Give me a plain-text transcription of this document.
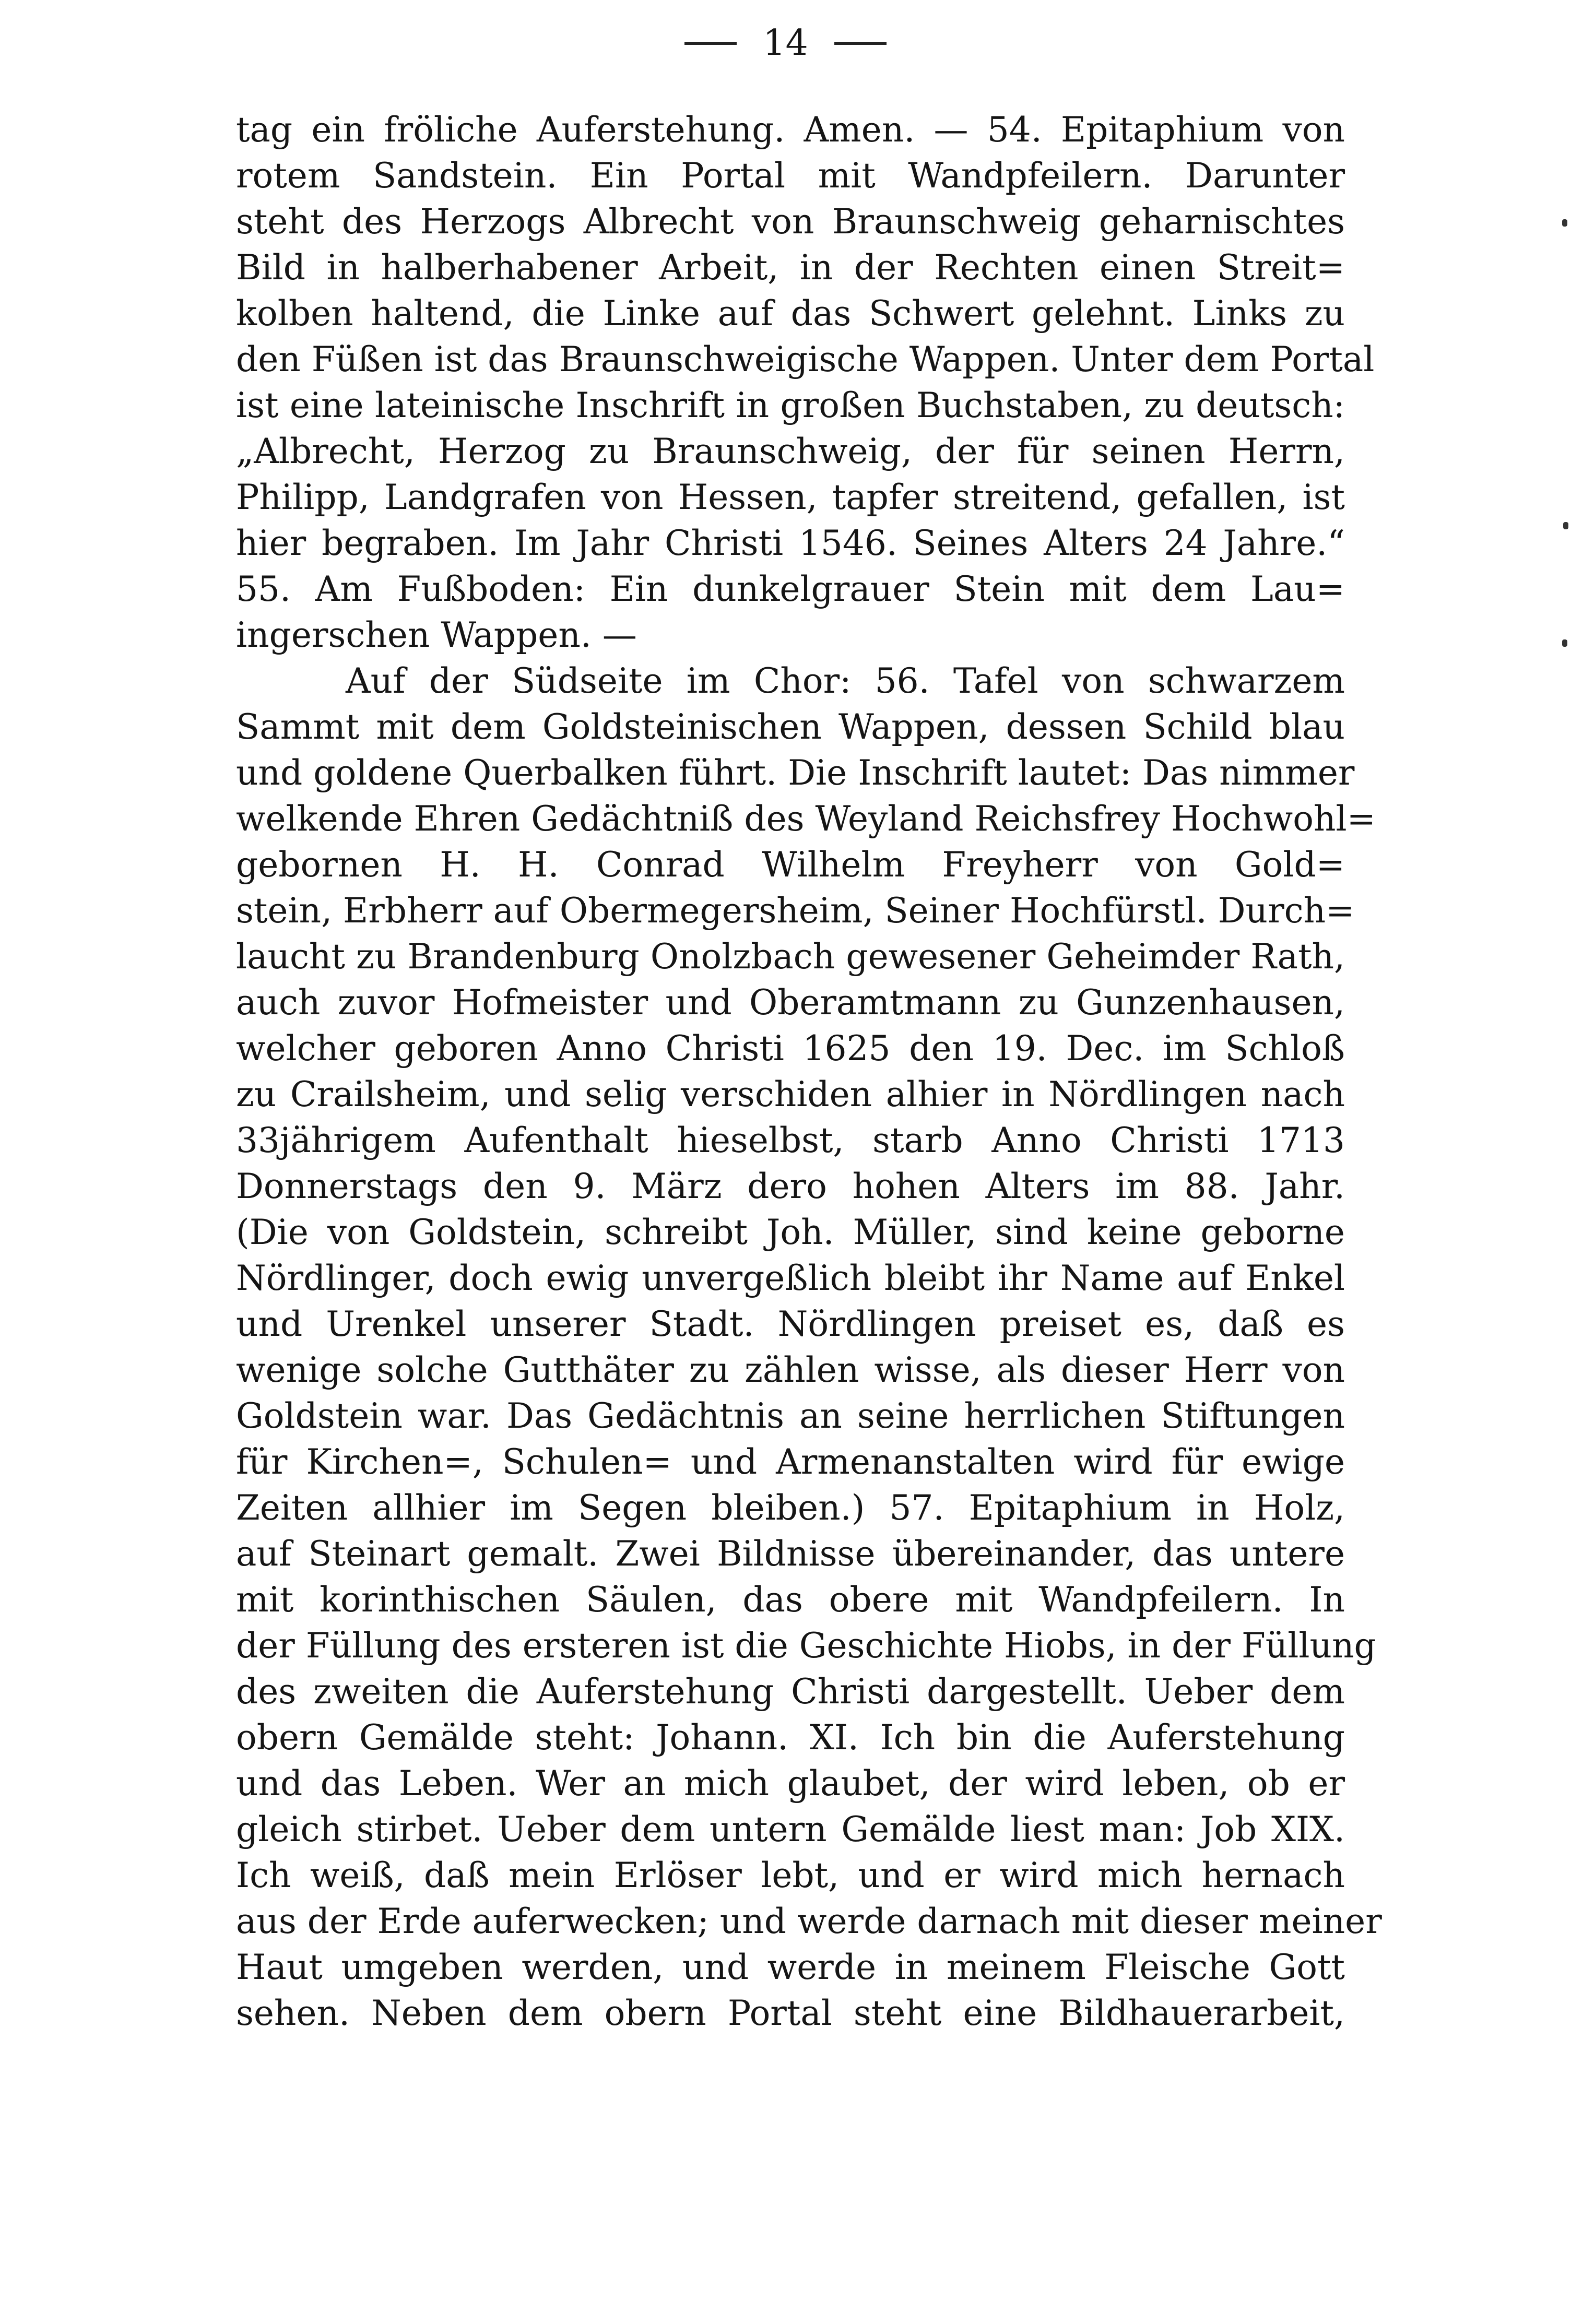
14
tag ein fröliche Auferstehung. Amen. — 54. Epitaphium von
rotem Sandstein. Ein Portal mit Wandpfeilern. Darunter
steht des Herzogs Albrecht von Braunschweig geharnischtes
Bild in halberhabener Arbeit, in der Rechten einen Streit=
kolben haltend, die Linke auf das Schwert gelehnt. Links zu
den Füßen ist das Braunschweigische Wappen. Unter dem Portal
ist eine lateinische Inschrift in großen Buchstaben, zu deutsch:
„Albrecht, Herzog zu Braunschweig, der für seinen Herrn,
Philipp, Landgrafen von Hessen, tapfer streitend, gefallen, ist
hier begraben. Im Jahr Christi 1546. Seines Alters 24 Jahre.“
55. Am Fußboden: Ein dunkelgrauer Stein mit dem Lau=
ingerschen Wappen. —
Auf der Südseite im Chor: 56. Tafel von schwarzem
Sammt mit dem Goldsteinischen Wappen, dessen Schild blau
und goldene Querbalken führt. Die Inschrift lautet: Das nimmer
welkende Ehren Gedächtniß des Weyland Reichsfrey Hochwohl=
gebornen H. H. Conrad Wilhelm Freyherr von Gold=
stein, Erbherr auf Obermegersheim, Seiner Hochfürstl. Durch=
laucht zu Brandenburg Onolzbach gewesener Geheimder Rath,
auch zuvor Hofmeister und Oberamtmann zu Gunzenhausen,
welcher geboren Anno Christi 1625 den 19. Dec. im Schloß
zu Crailsheim, und selig verschiden alhier in Nördlingen nach
33jährigem Aufenthalt hieselbst, starb Anno Christi 1713
Donnerstags den 9. März dero hohen Alters im 88. Jahr.
(Die von Goldstein, schreibt Joh. Müller, sind keine geborne
Nördlinger, doch ewig unvergeßlich bleibt ihr Name auf Enkel
und Urenkel unserer Stadt. Nördlingen preiset es, daß es
wenige solche Gutthäter zu zählen wisse, als dieser Herr von
Goldstein war. Das Gedächtnis an seine herrlichen Stiftungen
für Kirchen=, Schulen= und Armenanstalten wird für ewige
Zeiten allhier im Segen bleiben.) 57. Epitaphium in Holz,
auf Steinart gemalt. Zwei Bildnisse übereinander, das untere
mit korinthischen Säulen, das obere mit Wandpfeilern. In
der Füllung des ersteren ist die Geschichte Hiobs, in der Füllung
des zweiten die Auferstehung Christi dargestellt. Ueber dem
obern Gemälde steht: Johann. XI. Ich bin die Auferstehung
und das Leben. Wer an mich glaubet, der wird leben, ob er
gleich stirbet. Ueber dem untern Gemälde liest man: Job XIX.
Ich weiß, daß mein Erlöser lebt, und er wird mich hernach
aus der Erde auferwecken; und werde darnach mit dieser meiner
Haut umgeben werden, und werde in meinem Fleische Gott
sehen. Neben dem obern Portal steht eine Bildhauerarbeit,
